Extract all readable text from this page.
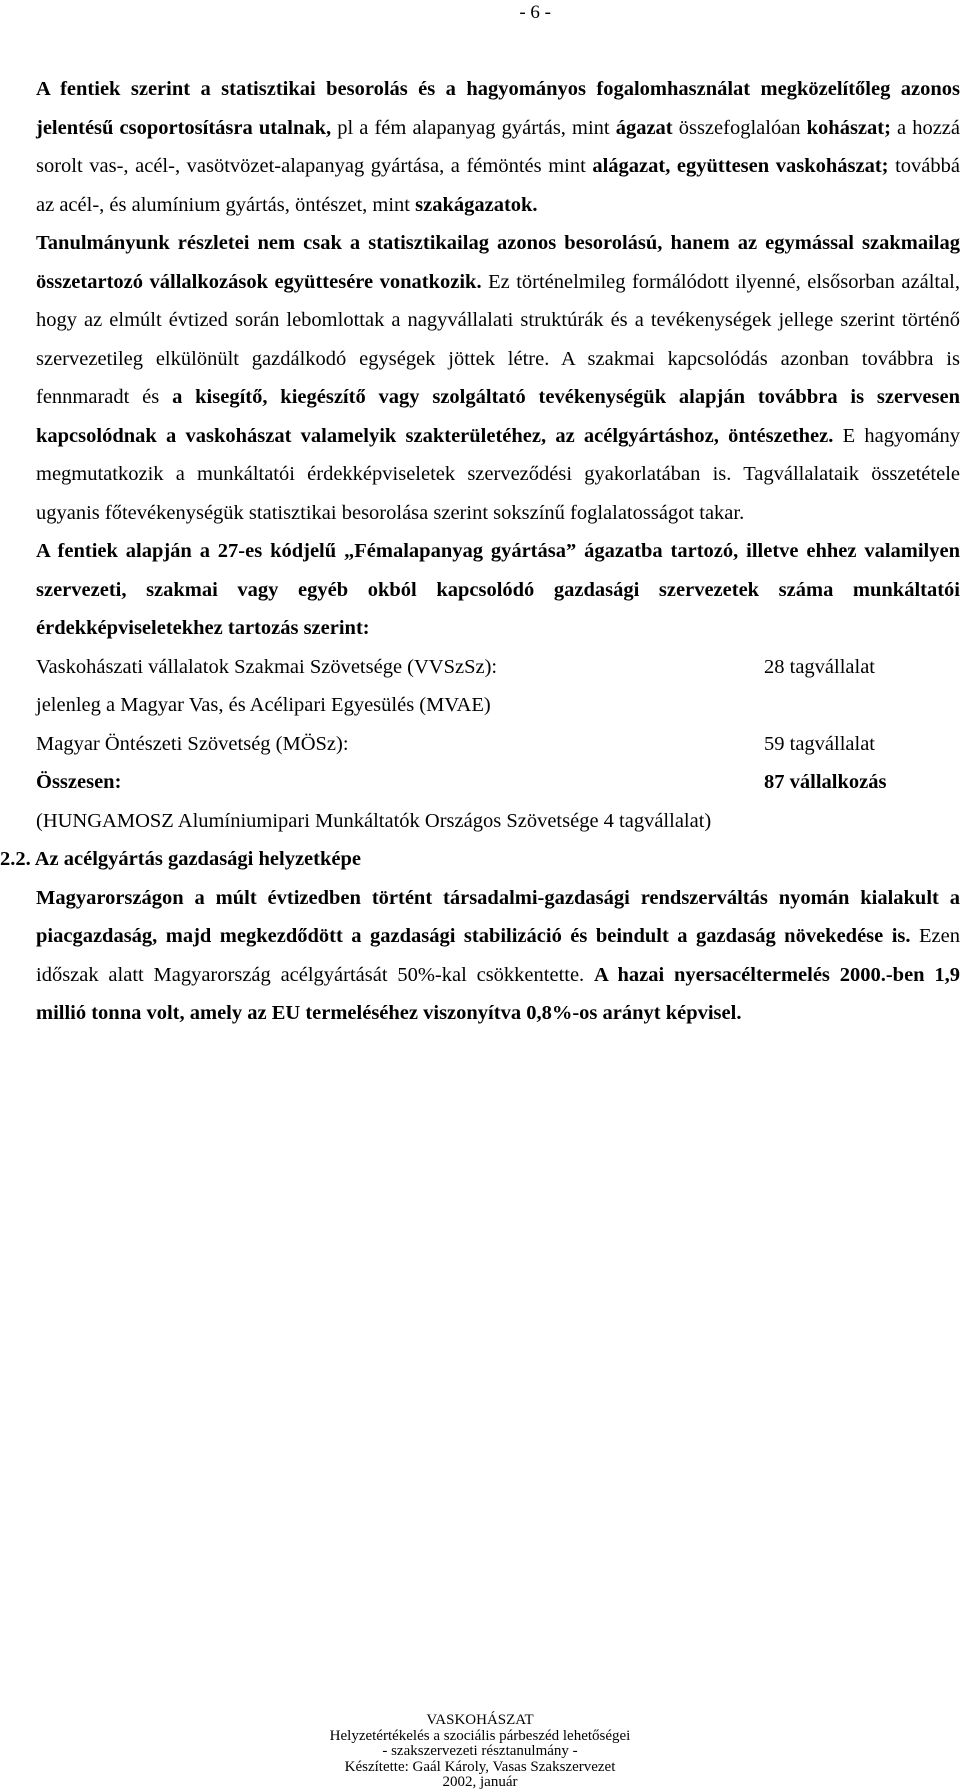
- 6 -

A fentiek szerint a statisztikai besorolás és a hagyományos fogalomhasználat megközelítőleg azonos jelentésű csoportosításra utalnak, pl a fém alapanyag gyártás, mint ágazat összefoglalóan kohászat; a hozzá sorolt vas-, acél-, vasötvözet-alapanyag gyártása, a fémöntés mint alágazat, együttesen vaskohászat; továbbá az acél-, és alumínium gyártás, öntészet, mint szakágazatok.

Tanulmányunk részletei nem csak a statisztikailag azonos besorolású, hanem az egymással szakmailag összetartozó vállalkozások együttesére vonatkozik. Ez történelmileg formálódott ilyenné, elsősorban azáltal, hogy az elmúlt évtized során lebomlottak a nagyvállalati struktúrák és a tevékenységek jellege szerint történő szervezetileg elkülönült gazdálkodó egységek jöttek létre. A szakmai kapcsolódás azonban továbbra is fennmaradt és a kisegítő, kiegészítő vagy szolgáltató tevékenységük alapján továbbra is szervesen kapcsolódnak a vaskohászat valamelyik szakterületéhez, az acélgyártáshoz, öntészethez. E hagyomány megmutatkozik a munkáltatói érdekképviseletek szerveződési gyakorlatában is. Tagvállalataik összetétele ugyanis főtevékenységük statisztikai besorolása szerint sokszínű foglalatosságot takar.

A fentiek alapján a 27-es kódjelű „Fémalapanyag gyártása” ágazatba tartozó, illetve ehhez valamilyen szervezeti, szakmai vagy egyéb okból kapcsolódó gazdasági szervezetek száma munkáltatói érdekképviseletekhez tartozás szerint:

Vaskohászati vállalatok Szakmai Szövetsége (VVSzSz):	28 tagvállalat
jelenleg a Magyar Vas, és Acélipari Egyesülés (MVAE)
Magyar Öntészeti Szövetség (MÖSz):	59 tagvállalat
Összesen:	87 vállalkozás
(HUNGAMOSZ Alumíniumipari Munkáltatók Országos Szövetsége 4 tagvállalat)

2.2. Az acélgyártás gazdasági helyzetképe

Magyarországon a múlt évtizedben történt társadalmi-gazdasági rendszerváltás nyomán kialakult a piacgazdaság, majd megkezdődött a gazdasági stabilizáció és beindult a gazdaság növekedése is. Ezen időszak alatt Magyarország acélgyártását 50%-kal csökkentette. A hazai nyersacéltermelés 2000.-ben 1,9 millió tonna volt, amely az EU termeléséhez viszonyítva 0,8%-os arányt képvisel.

VASKOHÁSZAT
Helyzetértékelés a szociális párbeszéd lehetőségei
- szakszervezeti résztanulmány -
Készítette: Gaál Károly, Vasas Szakszervezet
2002, január
